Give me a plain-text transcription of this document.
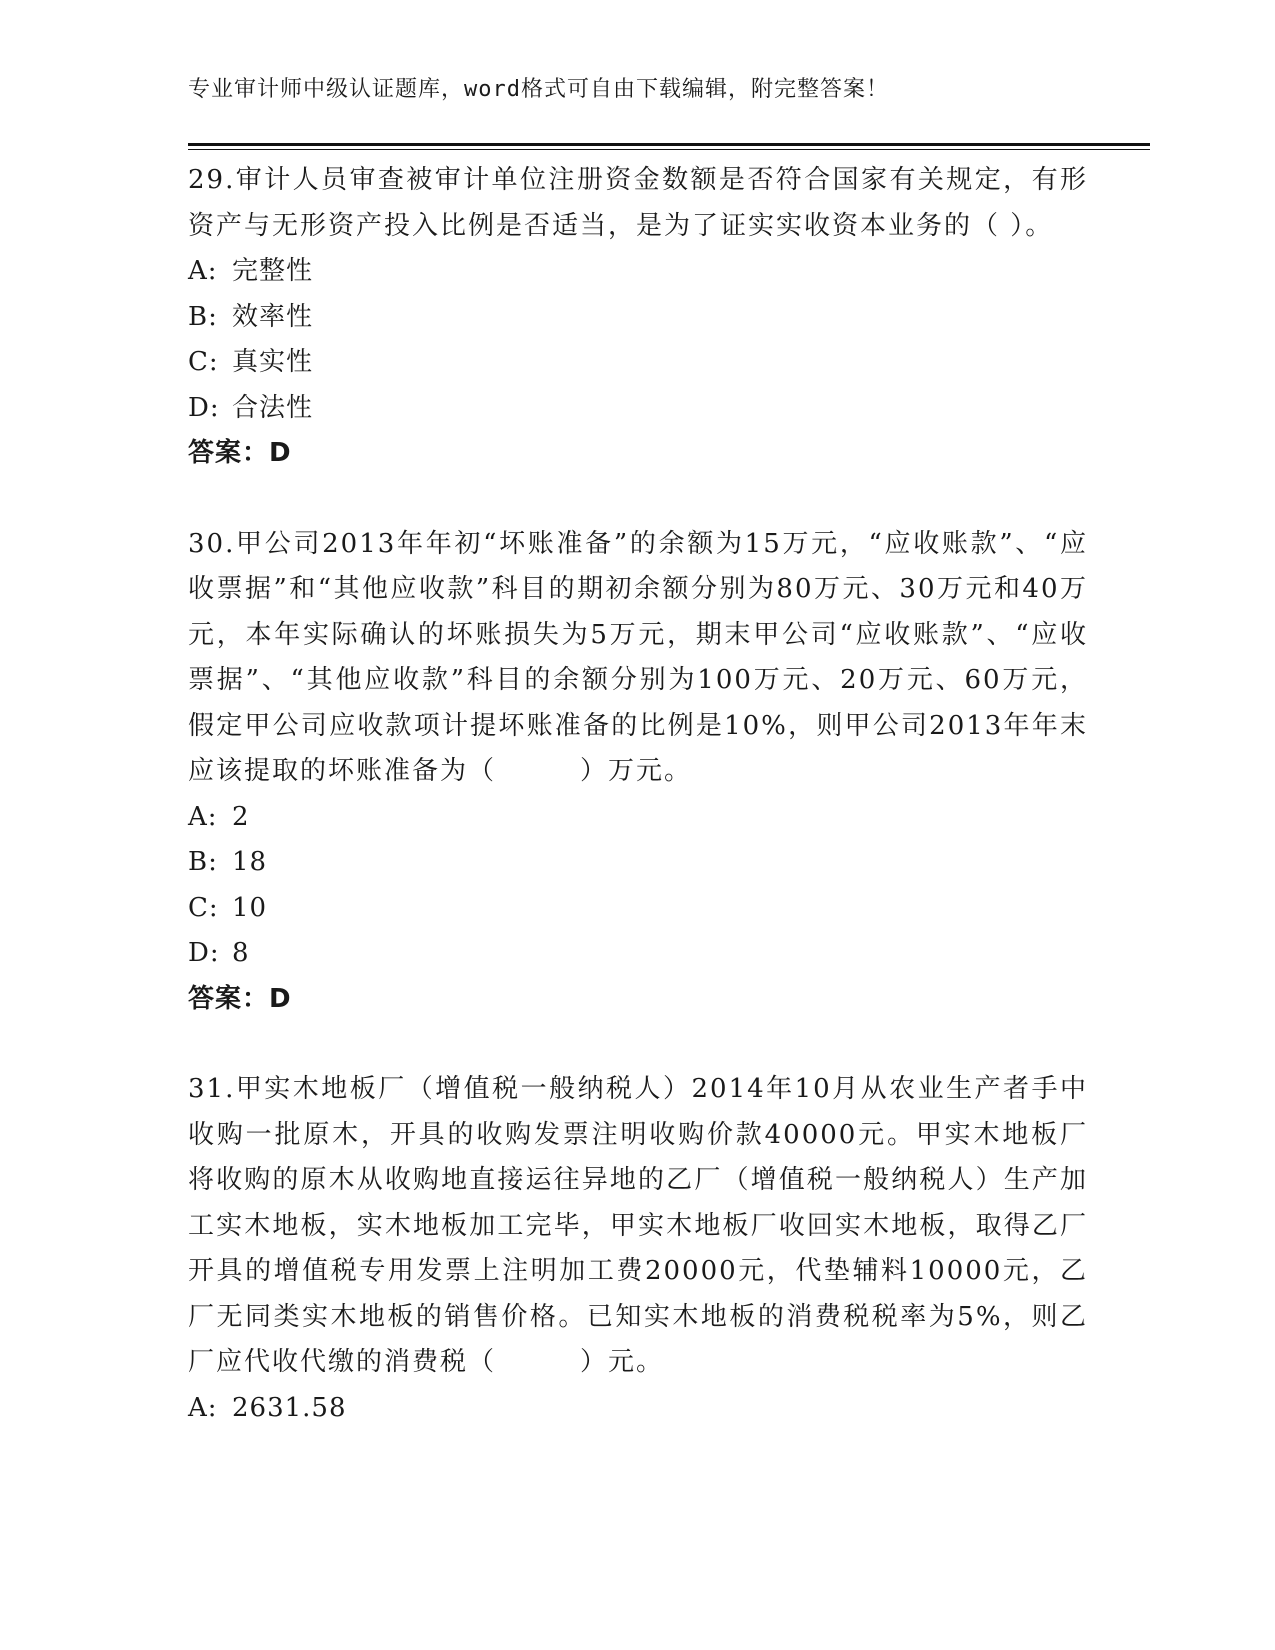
专业审计师中级认证题库，word格式可自由下载编辑，附完整答案！

29.审计人员审查被审计单位注册资金数额是否符合国家有关规定，有形资产与无形资产投入比例是否适当，是为了证实实收资本业务的（ ）。

A: 完整性
B: 效率性
C: 真实性
D: 合法性
答案：D

30.甲公司2013年年初“坏账准备”的余额为15万元，“应收账款”、“应收票据”和“其他应收款”科目的期初余额分别为80万元、30万元和40万元，本年实际确认的坏账损失为5万元，期末甲公司“应收账款”、“应收票据”、“其他应收款”科目的余额分别为100万元、20万元、60万元，假定甲公司应收款项计提坏账准备的比例是10%，则甲公司2013年年末应该提取的坏账准备为（　　　）万元。

A: 2
B: 18
C: 10
D: 8
答案：D

31.甲实木地板厂（增值税一般纳税人）2014年10月从农业生产者手中收购一批原木，开具的收购发票注明收购价款40000元。甲实木地板厂将收购的原木从收购地直接运往异地的乙厂（增值税一般纳税人）生产加工实木地板，实木地板加工完毕，甲实木地板厂收回实木地板，取得乙厂开具的增值税专用发票上注明加工费20000元，代垫辅料10000元，乙厂无同类实木地板的销售价格。已知实木地板的消费税税率为5%，则乙厂应代收代缴的消费税（　　　）元。

A: 2631.58
